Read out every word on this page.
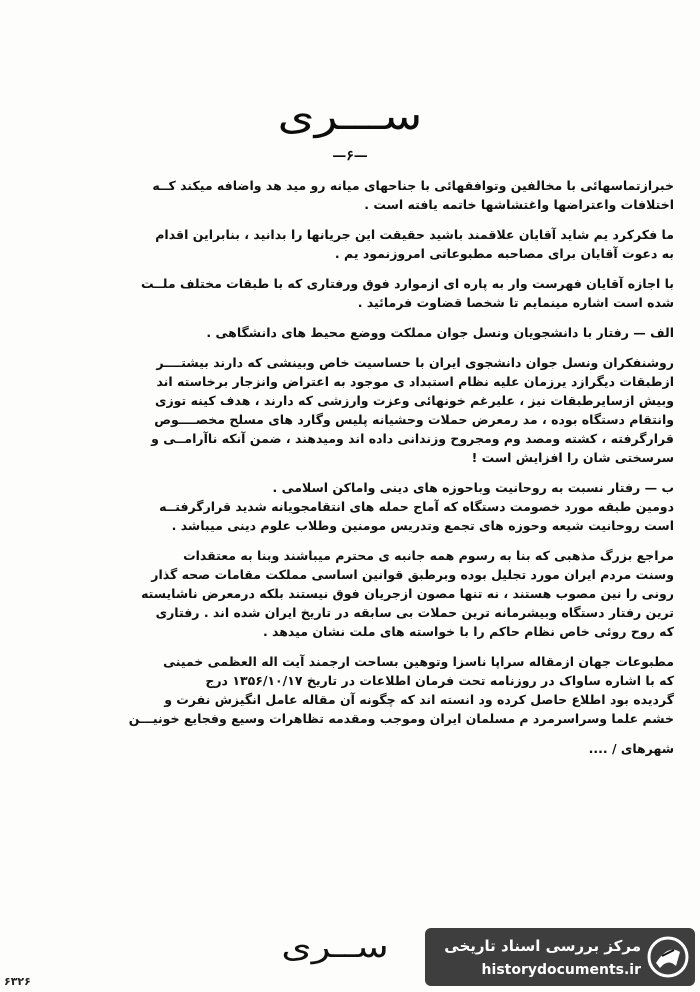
ســـری
—۶—
خبرازتماسهائی با مخالفین وتوافقهائی با جناحهای میانه رو مید هد واضافه میکند کــه
اختلافات واعتراضها واغتشاشها خاتمه یافته است .
ما فکرکرد یم شاید آقایان علاقمند باشید حقیقت این جریانها را بدانید ، بنابراین اقدام
به دعوت آقایان برای مصاحبه مطبوعاتی امروزنمود یم .
با اجازه آقایان فهرست وار به پاره ای ازموارد فوق ورفتاری که با طبقات مختلف ملــت
شده است اشاره مینمایم تا شخصا قضاوت فرمائید .
الف — رفتار با دانشجویان ونسل جوان مملکت ووضع محیط های دانشگاهی .
روشنفکران ونسل جوان دانشجوی ایران با حساسیت خاص وبینشی که دارند بیشتــــر
ازطبقات دیگرازد یرزمان علیه نظام استبداد ی موجود به اعتراض وانزجار برخاسته اند
وبیش ازسایرطبقات نیز ، علیرغم خونهائی وعزت وارزشی که دارند ، هدف کینه توزی
وانتقام دستگاه بوده ، مد رمعرض حملات وحشیانه پلیس وگارد های مسلح مخصــــوص
قرارگرفته ، کشته ومصد وم ومجروح وزندانی داده اند ومیدهند ، ضمن آنکه ناآرامــی و
سرسختی شان را افزایش است !
ب — رفتار نسبت به روحانیت وباحوزه های دینی واماکن اسلامی .
دومین طبقه مورد خصومت دستگاه که آماج حمله های انتقامجویانه شدید قرارگرفتــه
است روحانیت شیعه وحوزه های تجمع وتدریس مومنین وطلاب علوم دینی میباشد .
مراجع بزرگ مذهبی که بنا به رسوم همه جانبه ی محترم میباشند وبنا به معتقدات
وسنت مردم ایران مورد تجلیل بوده وبرطبق قوانین اساسی مملکت مقامات صحه گذار
رونی را نین مصوب هستند ، نه تنها مصون ازجریان فوق نیستند بلکه درمعرض ناشایسته
ترین رفتار دستگاه وبیشرمانه ترین حملات بی سابقه در تاریخ ایران شده اند . رفتاری
که روح روئی خاص نظام حاکم را با خواسته های ملت نشان میدهد .
مطبوعات جهان ازمقاله سراپا ناسزا وتوهین بساحت ارجمند آیت اله العظمی خمینی
که با اشاره ساواک در روزنامه تحت فرمان اطلاعات در تاریخ ۱۳۵۶/۱۰/۱۷ درج
گردیده بود اطلاع حاصل کرده ود انسته اند که چگونه آن مقاله عامل انگیزش نفرت و
خشم علما وسراسرمرد م مسلمان ایران وموجب ومقدمه تظاهرات وسیع وفجایع خونیـــن
شهرهای / ....
ســری
۶۳۲۶
مرکز بررسی اسناد تاریخی
historydocuments.ir
